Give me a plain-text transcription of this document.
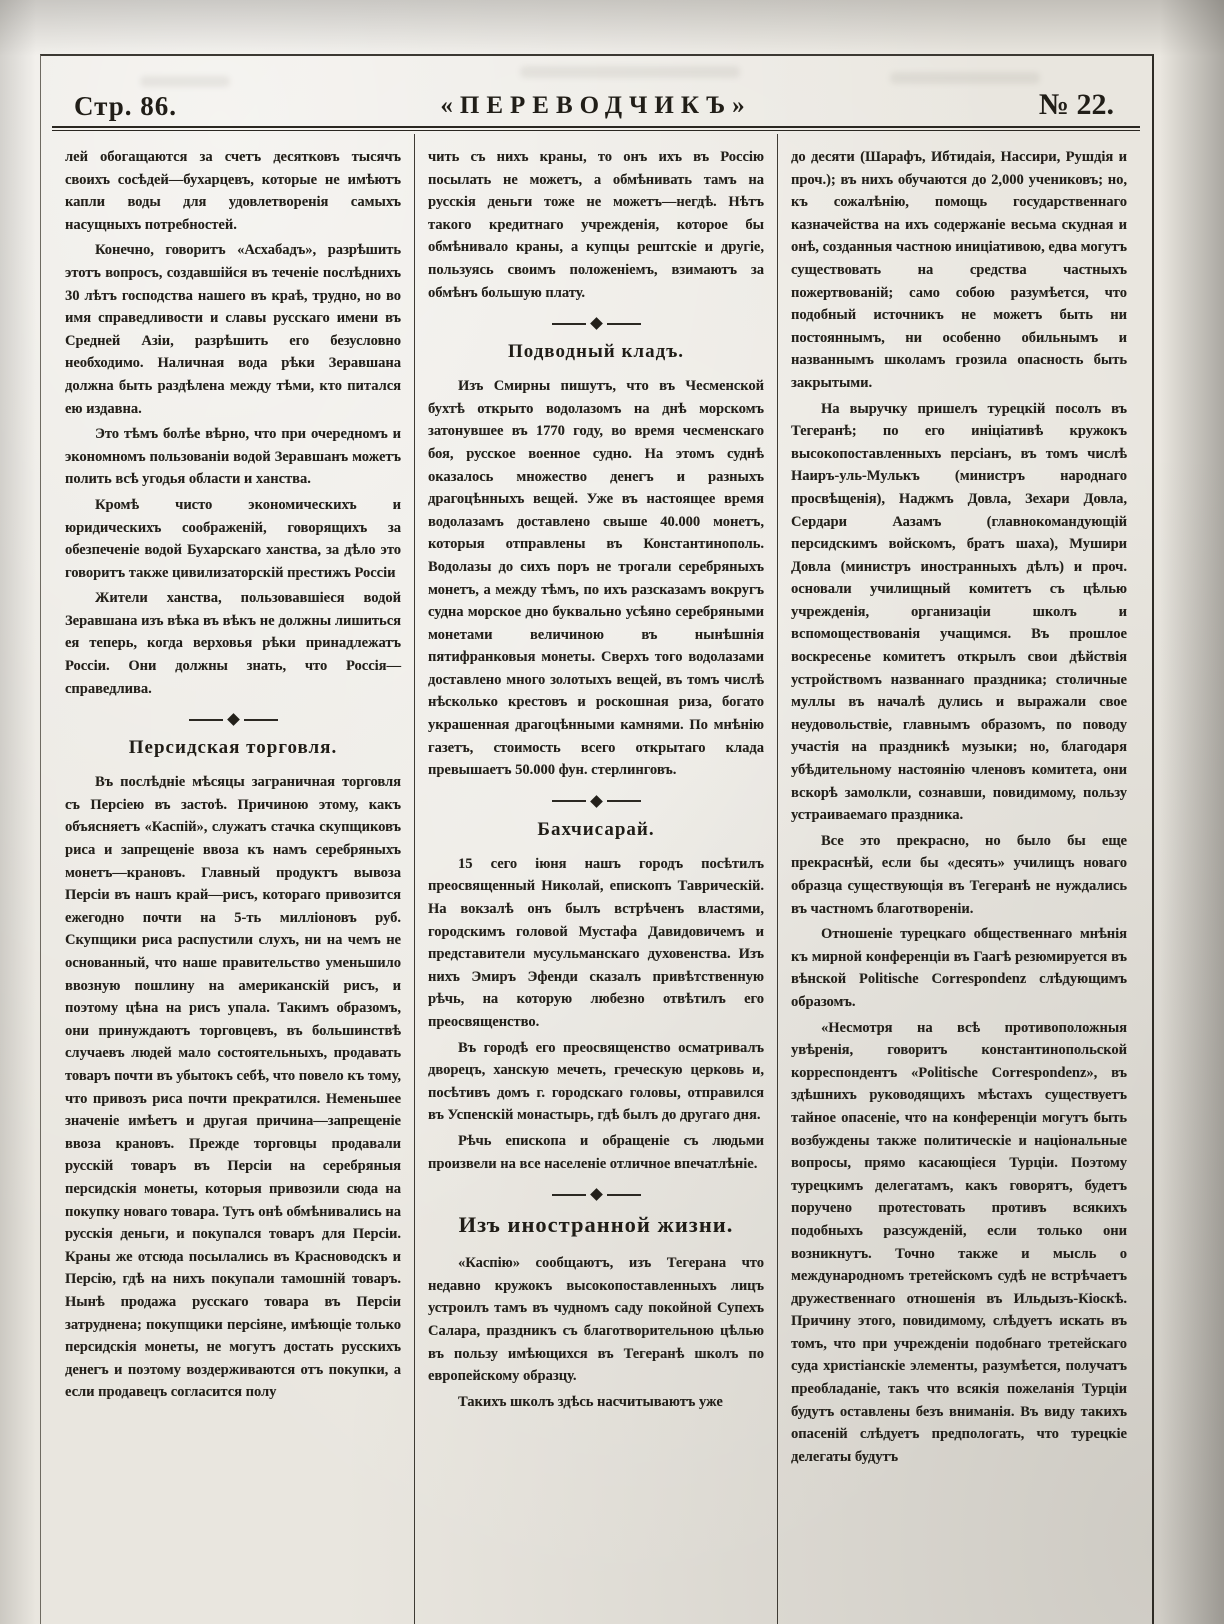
Стр. 86.	«ПЕРЕВОДЧИКЪ»	№ 22.

лей обогащаются за счетъ десятковъ тысячъ своихъ сосѣдей—бухарцевъ, которые не имѣютъ капли воды для удовлетворенія самыхъ насущныхъ потребностей.

Конечно, говоритъ «Асхабадъ», разрѣшить этотъ вопросъ, создавшійся въ теченіе послѣднихъ 30 лѣтъ господства нашего въ краѣ, трудно, но во имя справедливости и славы русскаго имени въ Средней Азіи, разрѣшить его безусловно необходимо. Наличная вода рѣки Зеравшана должна быть раздѣлена между тѣми, кто питался ею издавна.

Это тѣмъ болѣе вѣрно, что при очередномъ и экономномъ пользованіи водой Зеравшанъ можетъ полить всѣ угодья области и ханства.

Кромѣ чисто экономическихъ и юридическихъ соображеній, говорящихъ за обезпеченіе водой Бухарскаго ханства, за дѣло это говоритъ также цивилизаторскій престижъ Россіи

Жители ханства, пользовавшіеся водой Зеравшана изъ вѣка въ вѣкъ не должны лишиться ея теперь, когда верховья рѣки принадлежатъ Россіи. Они должны знать, что Россія—справедлива.

Персидская торговля.

Въ послѣдніе мѣсяцы заграничная торговля съ Персіею въ застоѣ. Причиною этому, какъ объясняетъ «Каспій», служатъ стачка скупщиковъ риса и запрещеніе ввоза къ намъ серебряныхъ монетъ—крановъ. Главный продуктъ вывоза Персіи въ нашъ край—рисъ, котораго привозится ежегодно почти на 5-ть милліоновъ руб. Скупщики риса распустили слухъ, ни на чемъ не основанный, что наше правительство уменьшило ввозную пошлину на американскій рисъ, и поэтому цѣна на рисъ упала. Такимъ образомъ, они принуждаютъ торговцевъ, въ большинствѣ случаевъ людей мало состоятельныхъ, продавать товаръ почти въ убытокъ себѣ, что повело къ тому, что привозъ риса почти прекратился. Неменьшее значеніе имѣетъ и другая причина—запрещеніе ввоза крановъ. Прежде торговцы продавали русскій товаръ въ Персіи на серебряныя персидскія монеты, которыя привозили сюда на покупку новаго товара. Тутъ онѣ обмѣнивались на русскія деньги, и покупался товаръ для Персіи. Краны же отсюда посылались въ Красноводскъ и Персію, гдѣ на нихъ покупали тамошній товаръ. Нынѣ продажа русскаго товара въ Персіи затруднена; покупщики персіяне, имѣющіе только персидскія монеты, не могутъ достать русскихъ денегъ и поэтому воздерживаются отъ покупки, а если продавецъ согласится полу

чить съ нихъ краны, то онъ ихъ въ Россію посылать не можетъ, а обмѣнивать тамъ на русскія деньги тоже не можетъ—негдѣ. Нѣтъ такого кредитнаго учрежденія, которое бы обмѣнивало краны, а купцы рештскіе и другіе, пользуясь своимъ положеніемъ, взимаютъ за обмѣнъ большую плату.

Подводный кладъ.

Изъ Смирны пишутъ, что въ Чесменской бухтѣ открыто водолазомъ на днѣ морскомъ затонувшее въ 1770 году, во время чесменскаго боя, русское военное судно. На этомъ суднѣ оказалось множество денегъ и разныхъ драгоцѣнныхъ вещей. Уже въ настоящее время водолазамъ доставлено свыше 40.000 монетъ, которыя отправлены въ Константинополь. Водолазы до сихъ поръ не трогали серебряныхъ монетъ, а между тѣмъ, по ихъ разсказамъ вокругъ судна морское дно буквально усѣяно серебряными монетами величиною въ нынѣшнія пятифранковыя монеты. Сверхъ того водолазами доставлено много золотыхъ вещей, въ томъ числѣ нѣсколько крестовъ и роскошная риза, богато украшенная драгоцѣнными камнями. По мнѣнію газетъ, стоимость всего открытаго клада превышаетъ 50.000 фун. стерлинговъ.

Бахчисарай.

15 сего іюня нашъ городъ посѣтилъ преосвященный Николай, епископъ Таврическій. На вокзалѣ онъ былъ встрѣченъ властями, городскимъ головой Мустафа Давидовичемъ и представители мусульманскаго духовенства. Изъ нихъ Эмиръ Эфенди сказалъ привѣтственную рѣчь, на которую любезно отвѣтилъ его преосвященство.

Въ городѣ его преосвященство осматривалъ дворецъ, ханскую мечеть, греческую церковь и, посѣтивъ домъ г. городскаго головы, отправился въ Успенскій монастырь, гдѣ былъ до другаго дня.

Рѣчь епископа и обращеніе съ людьми произвели на все населеніе отличное впечатлѣніе.

Изъ иностранной жизни.

«Каспію» сообщаютъ, изъ Тегерана что недавно кружокъ высокопоставленныхъ лицъ устроилъ тамъ въ чудномъ саду покойной Супехъ Салара, праздникъ съ благотворительною цѣлью въ пользу имѣющихся въ Тегеранѣ школъ по европейскому образцу.

Такихъ школъ здѣсь насчитываютъ уже

до десяти (Шарафъ, Ибтидаія, Нассири, Рушдія и проч.); въ нихъ обучаются до 2,000 учениковъ; но, къ сожалѣнію, помощь государственнаго казначейства на ихъ содержаніе весьма скудная и онѣ, созданныя частною иниціативою, едва могутъ существовать на средства частныхъ пожертвованій; само собою разумѣется, что подобный источникъ не можетъ быть ни постояннымъ, ни особенно обильнымъ и названнымъ школамъ грозила опасность быть закрытыми.

На выручку пришелъ турецкій посолъ въ Тегеранѣ; по его иніціативѣ кружокъ высокопоставленныхъ персіанъ, въ томъ числѣ Наиръ-уль-Мулькъ (министръ народнаго просвѣщенія), Наджмъ Довла, Зехари Довла, Сердари Аазамъ (главнокомандующій персидскимъ войскомъ, братъ шаха), Мушири Довла (министръ иностранныхъ дѣлъ) и проч. основали училищный комитетъ съ цѣлью учрежденія, организаціи школъ и вспомоществованія учащимся. Въ прошлое воскресенье комитетъ открылъ свои дѣйствія устройствомъ названнаго праздника; столичные муллы въ началѣ дулись и выражали свое неудовольствіе, главнымъ образомъ, по поводу участія на праздникѣ музыки; но, благодаря убѣдительному настоянію членовъ комитета, они вскорѣ замолкли, сознавши, повидимому, пользу устраиваемаго праздника.

Все это прекрасно, но было бы еще прекраснѣй, если бы «десять» училищъ новаго образца существующія въ Тегеранѣ не нуждались въ частномъ благотвореніи.

Отношеніе турецкаго общественнаго мнѣнія къ мирной конференціи въ Гаагѣ резюмируется въ вѣнской Politische Correspondenz слѣдующимъ образомъ.

«Несмотря на всѣ противоположныя увѣренія, говоритъ константинопольской корреспондентъ «Politische Correspondenz», въ здѣшнихъ руководящихъ мѣстахъ существуетъ тайное опасеніе, что на конференціи могутъ быть возбуждены также политическіе и національные вопросы, прямо касающіеся Турціи. Поэтому турецкимъ делегатамъ, какъ говорятъ, будетъ поручено протестовать противъ всякихъ подобныхъ разсужденій, если только они возникнутъ. Точно также и мысль о международномъ третейскомъ судѣ не встрѣчаетъ дружественнаго отношенія въ Ильдызъ-Кіоскѣ. Причину этого, повидимому, слѣдуетъ искать въ томъ, что при учрежденіи подобнаго третейскаго суда христіанскіе элементы, разумѣется, получатъ преобладаніе, такъ что всякія пожеланія Турціи будутъ оставлены безъ вниманія. Въ виду такихъ опасеній слѣдуетъ предпологать, что турецкіе делегаты будутъ
